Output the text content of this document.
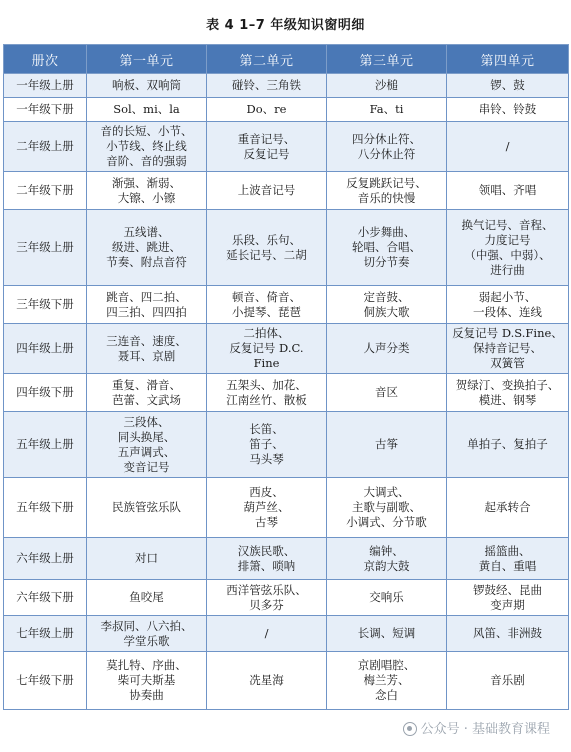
表 4 1–7 年级知识窗明细
册次	第一单元	第二单元	第三单元	第四单元
一年级上册	响板、双响筒	碰铃、三角铁	沙槌	锣、鼓
一年级下册	Sol、mi、la	Do、re	Fa、ti	串铃、铃鼓
二年级上册	音的长短、小节、
小节线、终止线
音阶、音的强弱	重音记号、
反复记号	四分休止符、
八分休止符	/
二年级下册	渐强、渐弱、
大镲、小镲	上波音记号	反复跳跃记号、
音乐的快慢	领唱、齐唱
三年级上册	五线谱、
级进、跳进、
节奏、附点音符	乐段、乐句、
延长记号、二胡	小步舞曲、
轮唱、合唱、
切分节奏	换气记号、音程、
力度记号
（中强、中弱）、
进行曲
三年级下册	跳音、四二拍、
四三拍、四四拍	顿音、倚音、
小提琴、琵琶	定音鼓、
侗族大歌	弱起小节、
一段体、连线
四年级上册	三连音、速度、
聂耳、京剧	二拍体、
反复记号 D.C.
Fine	人声分类	反复记号 D.S.Fine、
保持音记号、
双簧管
四年级下册	重复、滑音、
芭蕾、文武场	五架头、加花、
江南丝竹、散板	音区	贺绿汀、变换拍子、
模进、钢琴
五年级上册	三段体、
同头换尾、
五声调式、
变音记号	长笛、
笛子、
马头琴	古筝	单拍子、复拍子
五年级下册	民族管弦乐队	西皮、
葫芦丝、
古琴	大调式、
主歌与副歌、
小调式、分节歌	起承转合
六年级上册	对口	汉族民歌、
排箫、唢呐	编钟、
京韵大鼓	摇篮曲、
黄自、重唱
六年级下册	鱼咬尾	西洋管弦乐队、
贝多芬	交响乐	锣鼓经、昆曲
变声期
七年级上册	李叔同、八六拍、
学堂乐歌	/	长调、短调	风笛、非洲鼓
七年级下册	莫扎特、序曲、
柴可夫斯基
协奏曲	冼星海	京剧唱腔、
梅兰芳、
念白	音乐剧
公众号 · 基础教育课程
